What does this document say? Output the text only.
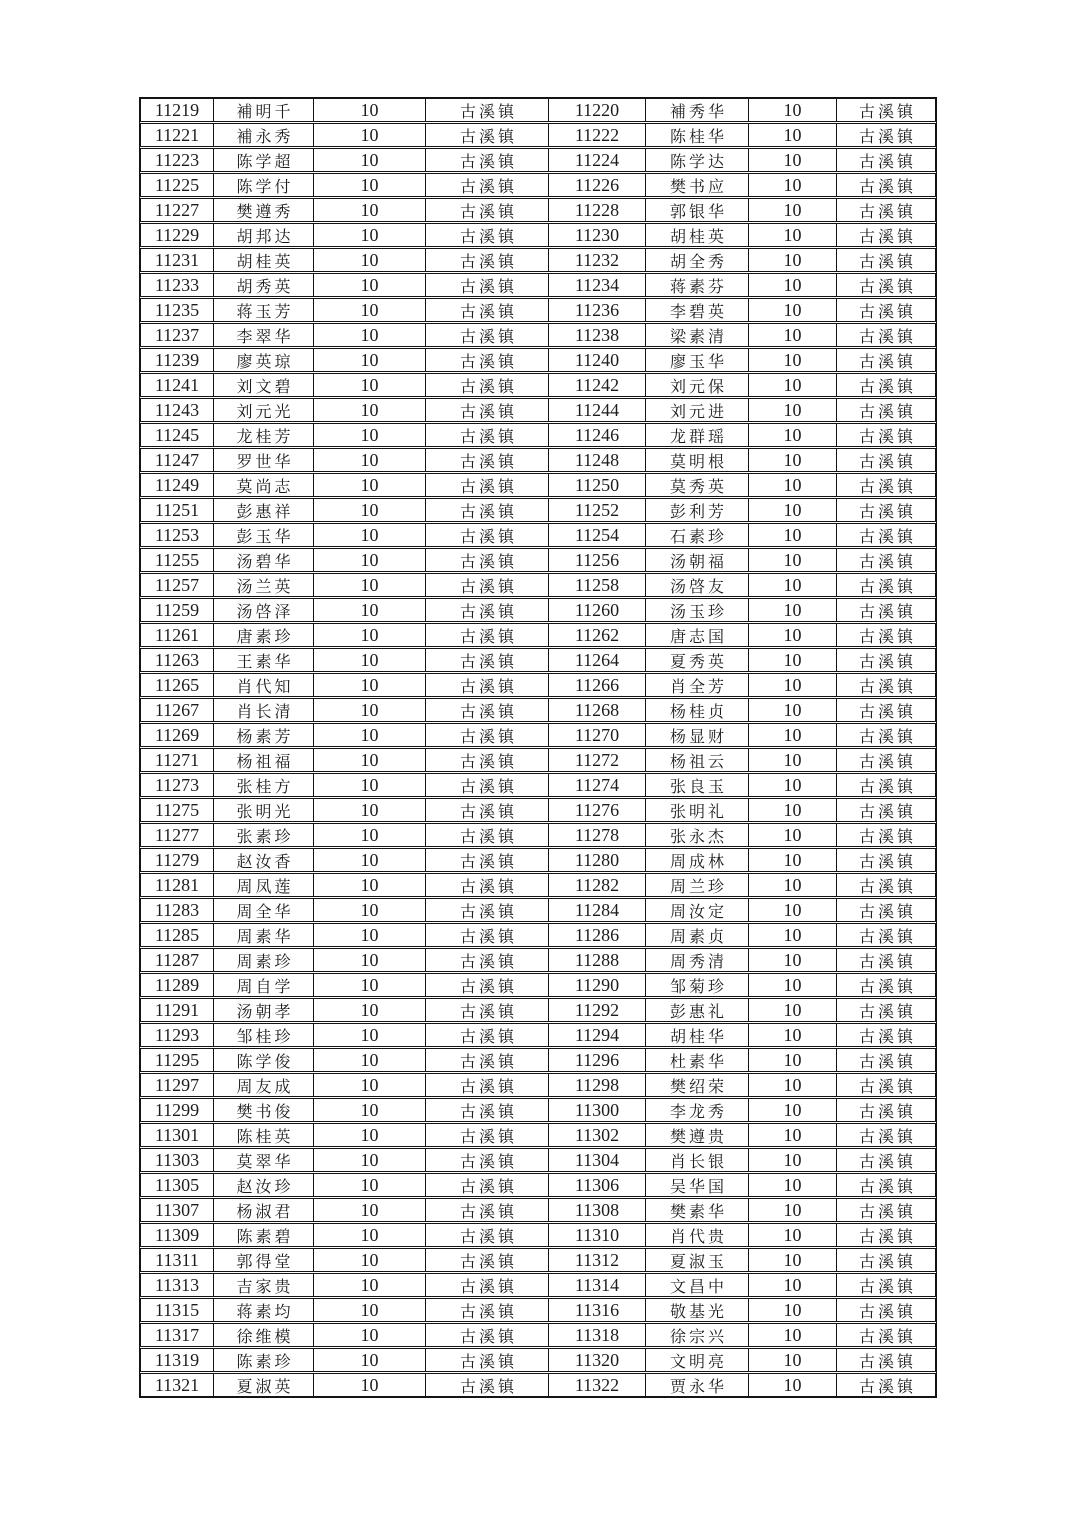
11219	補明千	10	古溪镇	11220	補秀华	10	古溪镇
11221	補永秀	10	古溪镇	11222	陈桂华	10	古溪镇
11223	陈学超	10	古溪镇	11224	陈学达	10	古溪镇
11225	陈学付	10	古溪镇	11226	樊书应	10	古溪镇
11227	樊遵秀	10	古溪镇	11228	郭银华	10	古溪镇
11229	胡邦达	10	古溪镇	11230	胡桂英	10	古溪镇
11231	胡桂英	10	古溪镇	11232	胡全秀	10	古溪镇
11233	胡秀英	10	古溪镇	11234	蒋素芬	10	古溪镇
11235	蒋玉芳	10	古溪镇	11236	李碧英	10	古溪镇
11237	李翠华	10	古溪镇	11238	梁素清	10	古溪镇
11239	廖英琼	10	古溪镇	11240	廖玉华	10	古溪镇
11241	刘文碧	10	古溪镇	11242	刘元保	10	古溪镇
11243	刘元光	10	古溪镇	11244	刘元进	10	古溪镇
11245	龙桂芳	10	古溪镇	11246	龙群瑶	10	古溪镇
11247	罗世华	10	古溪镇	11248	莫明根	10	古溪镇
11249	莫尚志	10	古溪镇	11250	莫秀英	10	古溪镇
11251	彭惠祥	10	古溪镇	11252	彭利芳	10	古溪镇
11253	彭玉华	10	古溪镇	11254	石素珍	10	古溪镇
11255	汤碧华	10	古溪镇	11256	汤朝福	10	古溪镇
11257	汤兰英	10	古溪镇	11258	汤啓友	10	古溪镇
11259	汤啓泽	10	古溪镇	11260	汤玉珍	10	古溪镇
11261	唐素珍	10	古溪镇	11262	唐志国	10	古溪镇
11263	王素华	10	古溪镇	11264	夏秀英	10	古溪镇
11265	肖代知	10	古溪镇	11266	肖全芳	10	古溪镇
11267	肖长清	10	古溪镇	11268	杨桂贞	10	古溪镇
11269	杨素芳	10	古溪镇	11270	杨显财	10	古溪镇
11271	杨祖福	10	古溪镇	11272	杨祖云	10	古溪镇
11273	张桂方	10	古溪镇	11274	张良玉	10	古溪镇
11275	张明光	10	古溪镇	11276	张明礼	10	古溪镇
11277	张素珍	10	古溪镇	11278	张永杰	10	古溪镇
11279	赵汝香	10	古溪镇	11280	周成林	10	古溪镇
11281	周凤莲	10	古溪镇	11282	周兰珍	10	古溪镇
11283	周全华	10	古溪镇	11284	周汝定	10	古溪镇
11285	周素华	10	古溪镇	11286	周素贞	10	古溪镇
11287	周素珍	10	古溪镇	11288	周秀清	10	古溪镇
11289	周自学	10	古溪镇	11290	邹菊珍	10	古溪镇
11291	汤朝孝	10	古溪镇	11292	彭惠礼	10	古溪镇
11293	邹桂珍	10	古溪镇	11294	胡桂华	10	古溪镇
11295	陈学俊	10	古溪镇	11296	杜素华	10	古溪镇
11297	周友成	10	古溪镇	11298	樊绍荣	10	古溪镇
11299	樊书俊	10	古溪镇	11300	李龙秀	10	古溪镇
11301	陈桂英	10	古溪镇	11302	樊遵贵	10	古溪镇
11303	莫翠华	10	古溪镇	11304	肖长银	10	古溪镇
11305	赵汝珍	10	古溪镇	11306	吴华国	10	古溪镇
11307	杨淑君	10	古溪镇	11308	樊素华	10	古溪镇
11309	陈素碧	10	古溪镇	11310	肖代贵	10	古溪镇
11311	郭得堂	10	古溪镇	11312	夏淑玉	10	古溪镇
11313	吉家贵	10	古溪镇	11314	文昌中	10	古溪镇
11315	蒋素均	10	古溪镇	11316	敬基光	10	古溪镇
11317	徐维模	10	古溪镇	11318	徐宗兴	10	古溪镇
11319	陈素珍	10	古溪镇	11320	文明亮	10	古溪镇
11321	夏淑英	10	古溪镇	11322	贾永华	10	古溪镇
